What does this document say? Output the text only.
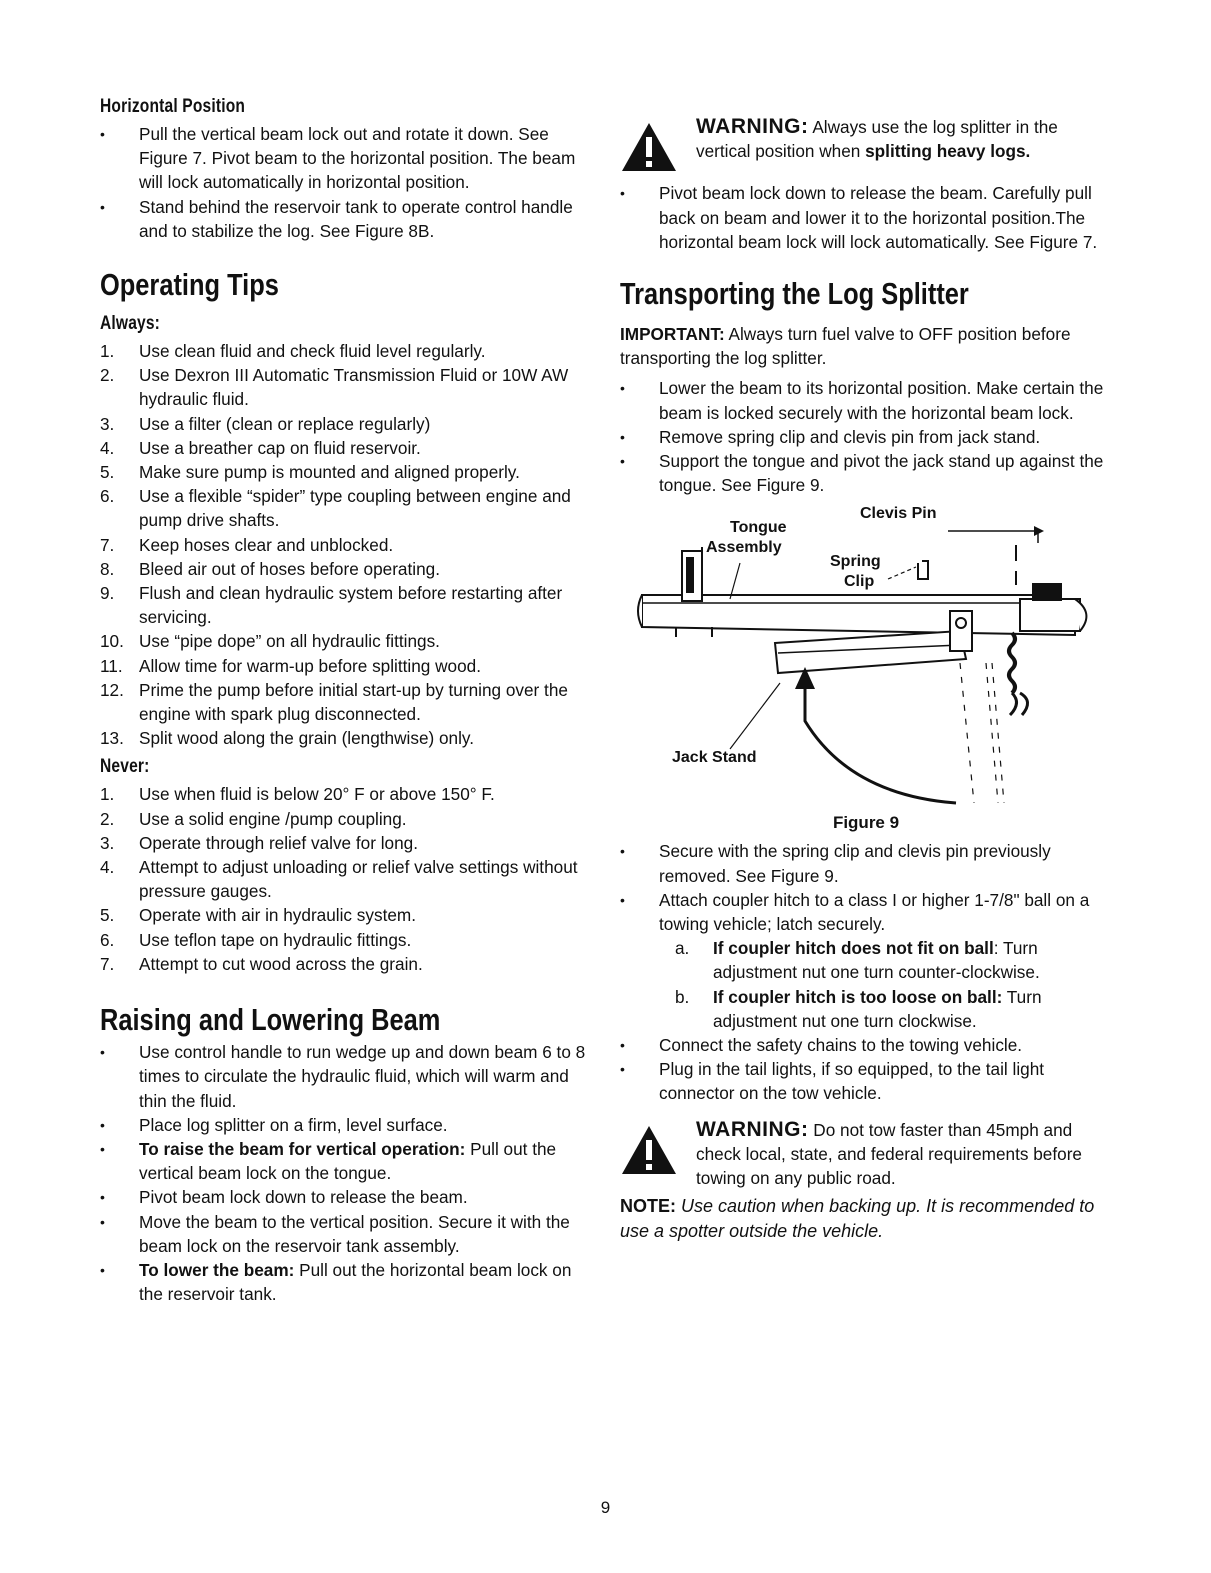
Horizontal Position
•	Pull the vertical beam lock out and rotate it down. See Figure 7. Pivot beam to the horizontal position. The beam will lock automatically in horizontal position.
•	Stand behind the reservoir tank to operate control handle and to stabilize the log. See Figure 8B.
Operating Tips
Always:
1.	Use clean fluid and check fluid level regularly.
2.	Use Dexron III Automatic Transmission Fluid or 10W AW hydraulic fluid.
3.	Use a filter (clean or replace regularly)
4.	Use a breather cap on fluid reservoir.
5.	Make sure pump is mounted and aligned properly.
6.	Use a flexible “spider” type coupling between engine and pump drive shafts.
7.	Keep hoses clear and unblocked.
8.	Bleed air out of hoses before operating.
9.	Flush and clean hydraulic system before restarting after servicing.
10. Use “pipe dope” on all hydraulic fittings.
11. Allow time for warm-up before splitting wood.
12. Prime the pump before initial start-up by turning over the engine with spark plug disconnected.
13. Split wood along the grain (lengthwise) only.
Never:
1.	Use when fluid is below 20° F or above 150° F.
2.	Use a solid engine /pump coupling.
3.	Operate through relief valve for long.
4.	Attempt to adjust unloading or relief valve settings without pressure gauges.
5.	Operate with air in hydraulic system.
6.	Use teflon tape on hydraulic fittings.
7.	Attempt to cut wood across the grain.
Raising and Lowering Beam
•	Use control handle to run wedge up and down beam 6 to 8 times to circulate the hydraulic fluid, which will warm and thin the fluid.
•	Place log splitter on a firm, level surface.
•	To raise the beam for vertical operation: Pull out the vertical beam lock on the tongue.
•	Pivot beam lock down to release the beam.
•	Move the beam to the vertical position. Secure it with the beam lock on the reservoir tank assembly.
•	To lower the beam: Pull out the horizontal beam lock on the reservoir tank.
WARNING: Always use the log splitter in the vertical position when splitting heavy logs.
•	Pivot beam lock down to release the beam. Carefully pull back on beam and lower it to the horizontal position.The horizontal beam lock will lock automatically. See Figure 7.
Transporting the Log Splitter

IMPORTANT: Always turn fuel valve to OFF position before transporting the log splitter.

•	Lower the beam to its horizontal position. Make certain the beam is locked securely with the horizontal beam lock.
•	Remove spring clip and clevis pin from jack stand.
•	Support the tongue and pivot the jack stand up against the tongue. See Figure 9.
Tongue
Assembly
Clevis Pin
Spring
Clip
Jack Stand
Figure 9
•	Secure with the spring clip and clevis pin previously removed. See Figure 9.
•	Attach coupler hitch to a class I or higher 1-7/8" ball on a towing vehicle; latch securely.
a. If coupler hitch does not fit on ball: Turn adjustment nut one turn counter-clockwise.
b. If coupler hitch is too loose on ball: Turn adjustment nut one turn clockwise.
•	Connect the safety chains to the towing vehicle.
•	Plug in the tail lights, if so equipped, to the tail light connector on the tow vehicle.
WARNING: Do not tow faster than 45mph and check local, state, and federal requirements before towing on any public road.

NOTE: Use caution when backing up. It is recommended to use a spotter outside the vehicle.

9
